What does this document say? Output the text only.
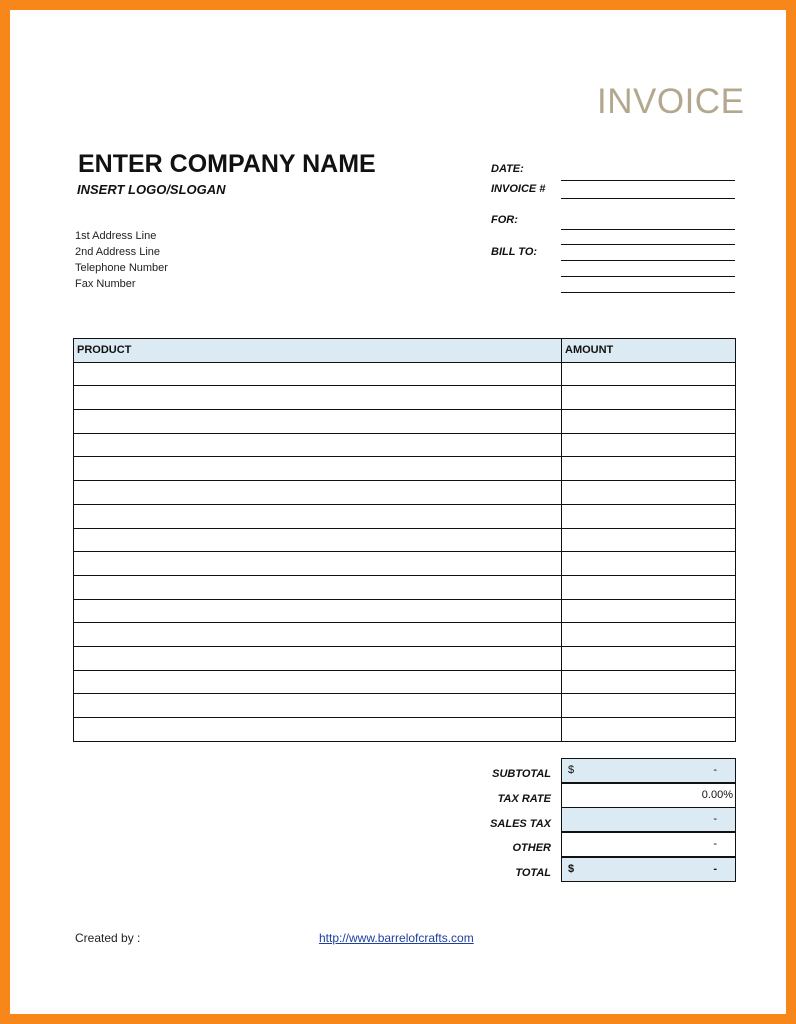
INVOICE
ENTER COMPANY NAME
INSERT LOGO/SLOGAN
1st Address Line
2nd Address Line
Telephone Number
Fax Number
DATE:
INVOICE #
FOR:
BILL TO:
PRODUCT	AMOUNT

SUBTOTAL $	-
TAX RATE	0.00%
SALES TAX	-
OTHER	-
TOTAL $	-
Created by :	http://www.barrelofcrafts.com
